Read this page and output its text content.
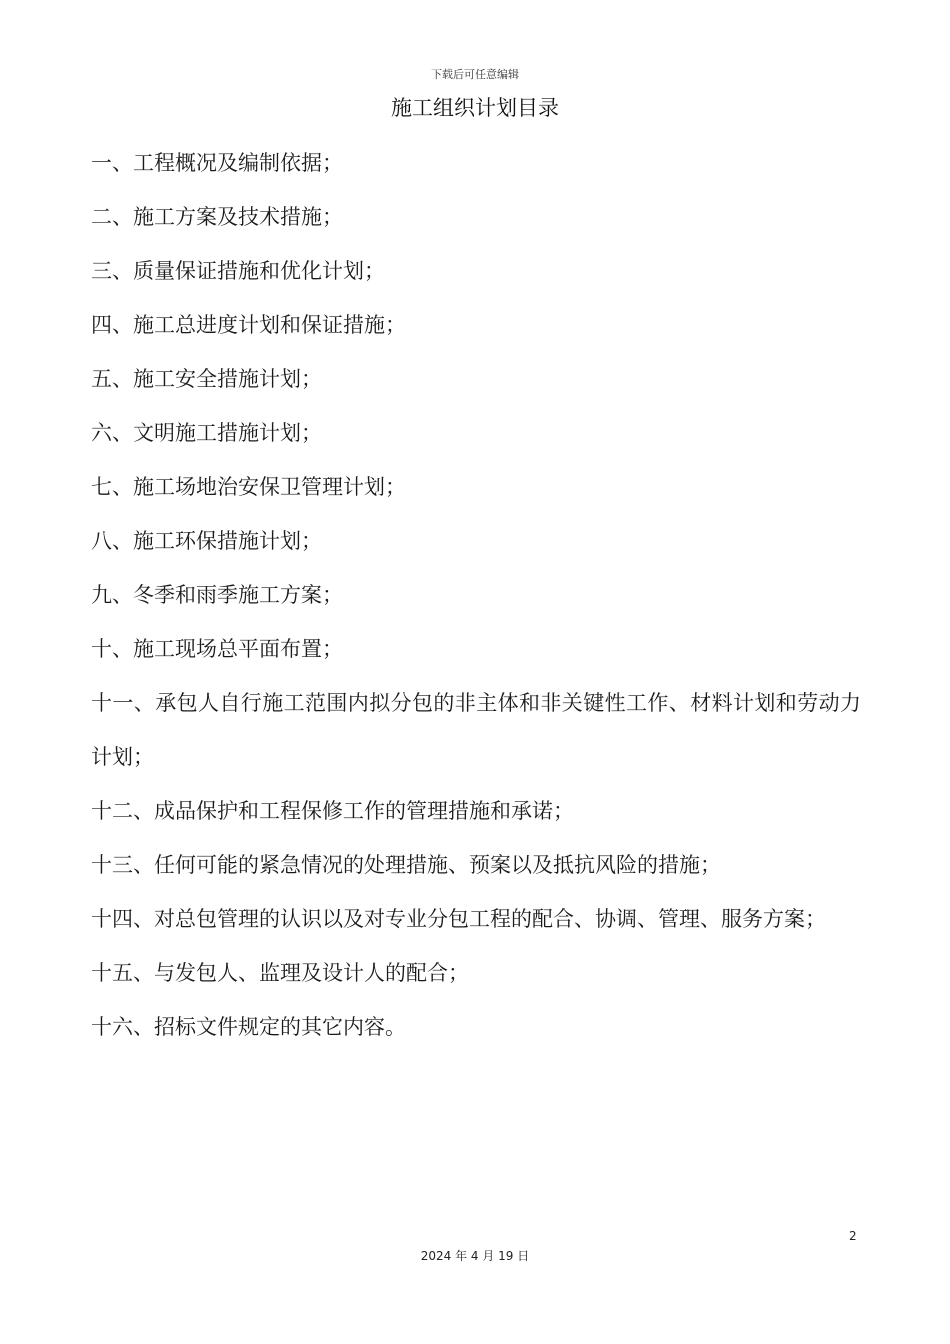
下载后可任意编辑
施工组织计划目录
一、工程概况及编制依据；
二、施工方案及技术措施；
三、质量保证措施和优化计划；
四、施工总进度计划和保证措施；
五、施工安全措施计划；
六、文明施工措施计划；
七、施工场地治安保卫管理计划；
八、施工环保措施计划；
九、冬季和雨季施工方案；
十、施工现场总平面布置；
十一、承包人自行施工范围内拟分包的非主体和非关键性工作、材料计划和劳动力计划；
十二、成品保护和工程保修工作的管理措施和承诺；
十三、任何可能的紧急情况的处理措施、预案以及抵抗风险的措施；
十四、对总包管理的认识以及对专业分包工程的配合、协调、管理、服务方案；
十五、与发包人、监理及设计人的配合；
十六、招标文件规定的其它内容。
2
2024 年 4 月 19 日
